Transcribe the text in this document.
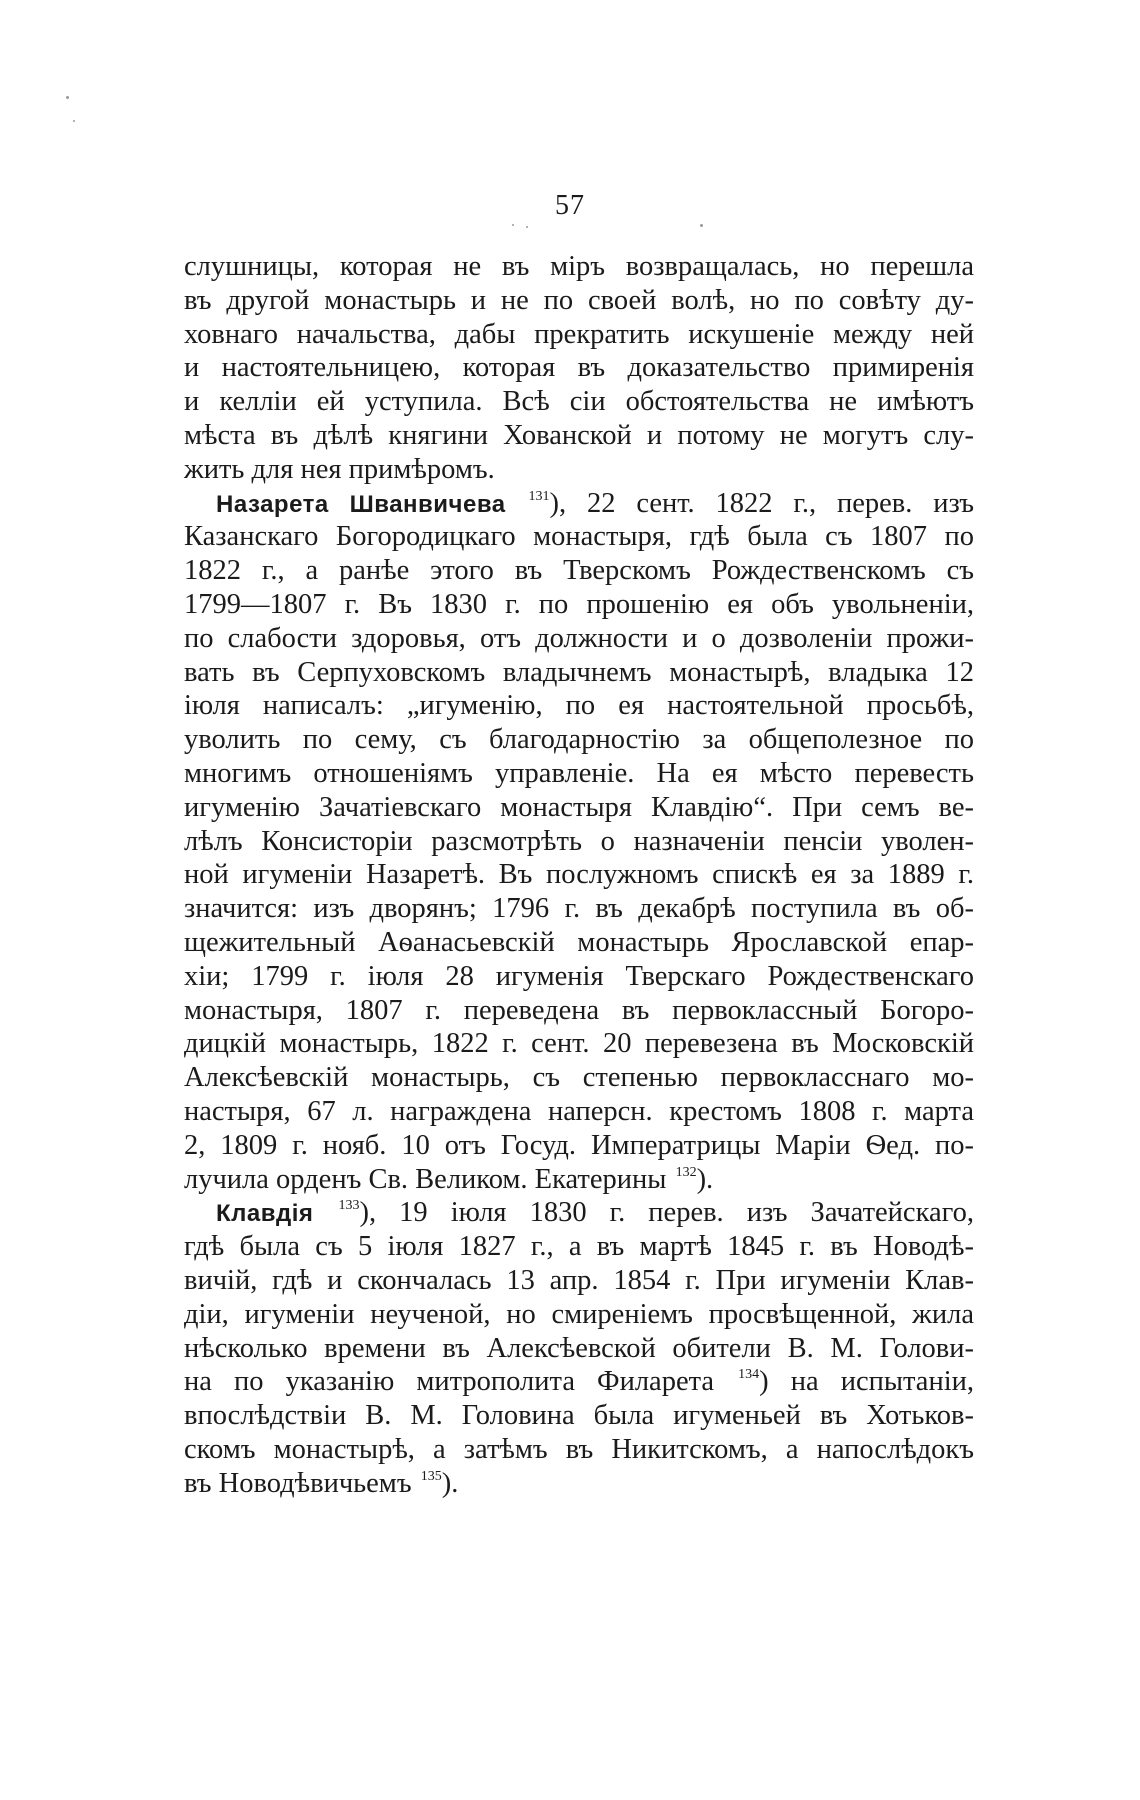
57
слушницы, которая не въ міръ возвращалась, но перешла
въ другой монастырь и не по своей волѣ, но по совѣту ду-
ховнаго начальства, дабы прекратить искушеніе между ней
и настоятельницею, которая въ доказательство примиренія
и келліи ей уступила. Всѣ сіи обстоятельства не имѣютъ
мѣста въ дѣлѣ княгини Хованской и потому не могутъ слу-
жить для нея примѣромъ.
Назарета Шванвичева $^{131}$), 22 сент. 1822 г., перев. изъ
Казанскаго Богородицкаго монастыря, гдѣ была съ 1807 по
1822 г., а ранѣе этого въ Тверскомъ Рождественскомъ съ
1799—1807 г. Въ 1830 г. по прошенію ея объ увольненіи,
по слабости здоровья, отъ должности и о дозволеніи прожи-
вать въ Серпуховскомъ владычнемъ монастырѣ, владыка 12
іюля написалъ: „игуменію, по ея настоятельной просьбѣ,
уволить по сему, съ благодарностію за общеполезное по
многимъ отношеніямъ управленіе. На ея мѣсто перевесть
игуменію Зачатіевскаго монастыря Клавдію“. При семъ ве-
лѣлъ Консисторіи разсмотрѣть о назначеніи пенсіи уволен-
ной игуменіи Назаретѣ. Въ послужномъ спискѣ ея за 1889 г.
значится: изъ дворянъ; 1796 г. въ декабрѣ поступила въ об-
щежительный Аѳанасьевскій монастырь Ярославской епар-
хіи; 1799 г. іюля 28 игуменія Тверскаго Рождественскаго
монастыря, 1807 г. переведена въ первоклассный Богоро-
дицкій монастырь, 1822 г. сент. 20 перевезена въ Московскій
Алексѣевскій монастырь, съ степенью первокласснаго мо-
настыря, 67 л. награждена наперсн. крестомъ 1808 г. марта
2, 1809 г. нояб. 10 отъ Госуд. Императрицы Маріи Ѳед. по-
лучила орденъ Св. Великом. Екатерины $^{132}$).
Клавдія $^{133}$), 19 іюля 1830 г. перев. изъ Зачатейскаго,
гдѣ была съ 5 іюля 1827 г., а въ мартѣ 1845 г. въ Новодѣ-
вичій, гдѣ и скончалась 13 апр. 1854 г. При игуменіи Клав-
діи, игуменіи неученой, но смиреніемъ просвѣщенной, жила
нѣсколько времени въ Алексѣевской обители В. М. Голови-
на по указанію митрополита Филарета $^{134}$) на испытаніи,
впослѣдствіи В. М. Головина была игуменьей въ Хотьков-
скомъ монастырѣ, а затѣмъ въ Никитскомъ, а напослѣдокъ
въ Новодѣвичьемъ $^{135}$).
